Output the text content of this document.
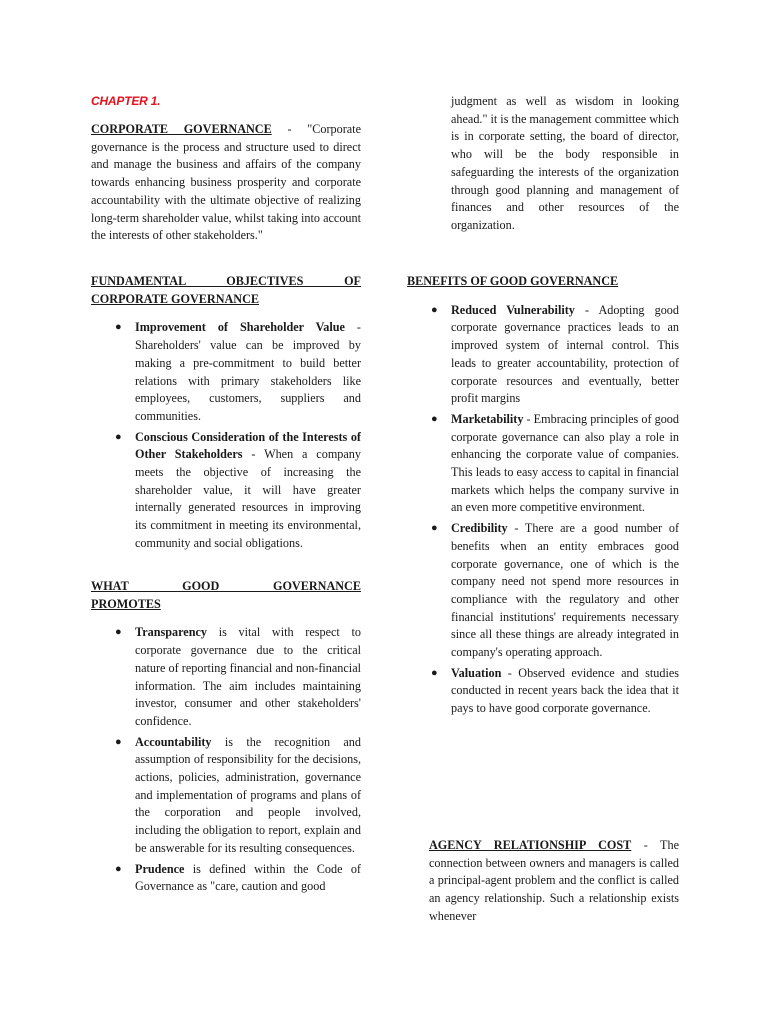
CHAPTER 1.

CORPORATE GOVERNANCE - "Corporate governance is the process and structure used to direct and manage the business and affairs of the company towards enhancing business prosperity and corporate accountability with the ultimate objective of realizing long-term shareholder value, whilst taking into account the interests of other stakeholders."

FUNDAMENTAL OBJECTIVES OF
CORPORATE GOVERNANCE
● Improvement of Shareholder Value - Shareholders' value can be improved by making a pre-commitment to build better relations with primary stakeholders like employees, customers, suppliers and communities.

● Conscious Consideration of the Interests of Other Stakeholders - When a company meets the objective of increasing the shareholder value, it will have greater internally generated resources in improving its commitment in meeting its environmental, community and social obligations.

WHAT GOOD GOVERNANCE
PROMOTES
● Transparency is vital with respect to corporate governance due to the critical nature of reporting financial and non-financial information. The aim includes maintaining investor, consumer and other stakeholders' confidence.

● Accountability is the recognition and assumption of responsibility for the decisions, actions, policies, administration, governance and implementation of programs and plans of the corporation and people involved, including the obligation to report, explain and be answerable for its resulting consequences.

● Prudence is defined within the Code of Governance as "care, caution and good

judgment as well as wisdom in looking ahead." it is the management committee which is in corporate setting, the board of director, who will be the body responsible in safeguarding the interests of the organization through good planning and management of finances and other resources of the organization.

BENEFITS OF GOOD GOVERNANCE
● Reduced Vulnerability - Adopting good corporate governance practices leads to an improved system of internal control. This leads to greater accountability, protection of corporate resources and eventually, better profit margins

● Marketability - Embracing principles of good corporate governance can also play a role in enhancing the corporate value of companies. This leads to easy access to capital in financial markets which helps the company survive in an even more competitive environment.

● Credibility - There are a good number of benefits when an entity embraces good corporate governance, one of which is the company need not spend more resources in compliance with the regulatory and other financial institutions' requirements necessary since all these things are already integrated in company's operating approach.

● Valuation - Observed evidence and studies conducted in recent years back the idea that it pays to have good corporate governance.

AGENCY RELATIONSHIP COST - The connection between owners and managers is called a principal-agent problem and the conflict is called an agency relationship. Such a relationship exists whenever
